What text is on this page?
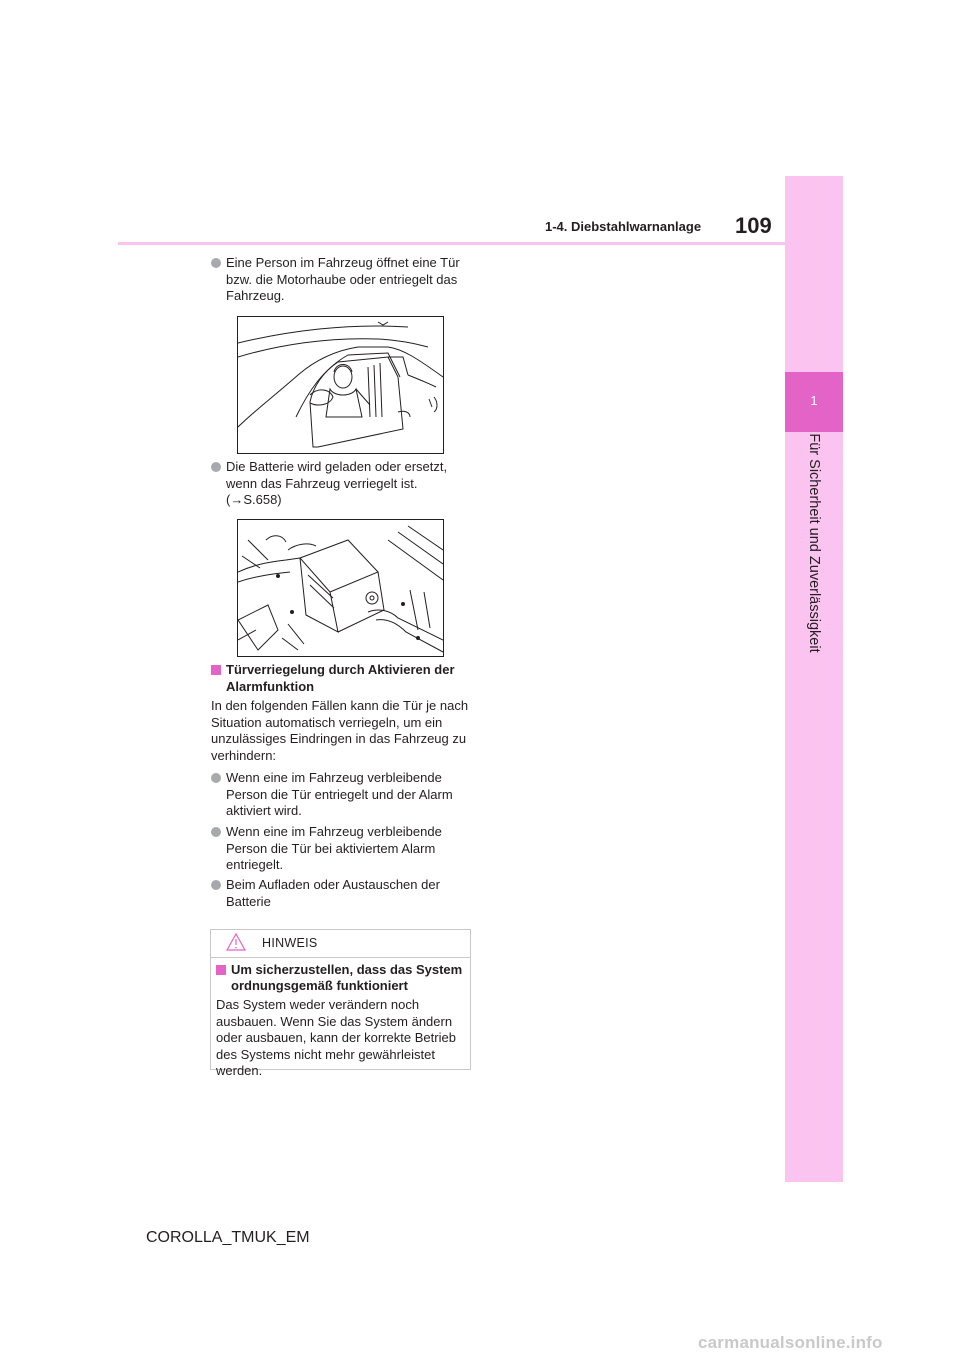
1
Für Sicherheit und Zuverlässigkeit
1-4. Diebstahlwarnanlage 109
Eine Person im Fahrzeug öffnet eine Tür bzw. die Motorhaube oder entriegelt das Fahrzeug.
Die Batterie wird geladen oder ersetzt, wenn das Fahrzeug verriegelt ist.
(→S.658)
Türverriegelung durch Aktivieren der Alarmfunktion
In den folgenden Fällen kann die Tür je nach Situation automatisch verriegeln, um ein unzulässiges Eindringen in das Fahrzeug zu verhindern:
Wenn eine im Fahrzeug verbleibende Person die Tür entriegelt und der Alarm aktiviert wird.
Wenn eine im Fahrzeug verbleibende Person die Tür bei aktiviertem Alarm entriegelt.
Beim Aufladen oder Austauschen der Batterie
HINWEIS
Um sicherzustellen, dass das System ordnungsgemäß funktioniert
Das System weder verändern noch ausbauen. Wenn Sie das System ändern oder ausbauen, kann der korrekte Betrieb des Systems nicht mehr gewährleistet werden.
COROLLA_TMUK_EM
carmanualsonline.info
